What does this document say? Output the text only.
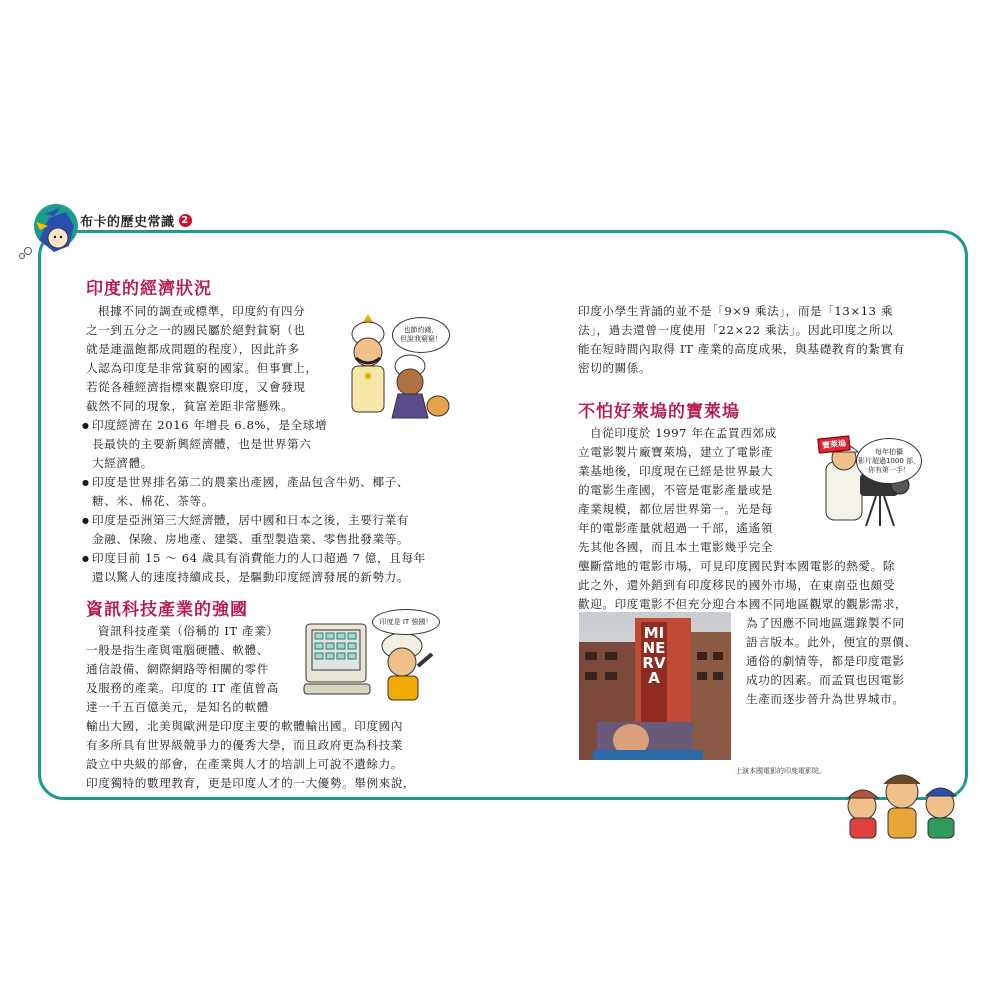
布卡的歷史常識 2
印度的經濟狀況

根據不同的調查或標準，印度約有四分
之一到五分之一的國民屬於絕對貧窮（也
就是連溫飽都成問題的程度），因此許多
人認為印度是非常貧窮的國家。但事實上，
若從各種經濟指標來觀察印度，又會發現
截然不同的現象，貧富差距非常懸殊。

● 印度經濟在 2016 年增長 6.8%，是全球增
長最快的主要新興經濟體，也是世界第六
大經濟體。
● 印度是世界排名第二的農業出產國，產品包含牛奶、椰子、
糖、米、棉花、茶等。
● 印度是亞洲第三大經濟體，居中國和日本之後，主要行業有
金融、保險、房地產、建築、重型製造業、零售批發業等。
● 印度目前 15 ～ 64 歲具有消費能力的人口超過 7 億，且每年
還以驚人的速度持續成長，是驅動印度經濟發展的新勢力。
也節約錢，
但說我窮窮！
資訊科技產業的強國

資訊科技產業（俗稱的 IT 產業）
一般是指生產與電腦硬體、軟體、
通信設備、網際網路等相關的零件
及服務的產業。印度的 IT 產值曾高
達一千五百億美元，是知名的軟體
輸出大國，北美與歐洲是印度主要的軟體輸出國。印度國內
有多所具有世界級競爭力的優秀大學，而且政府更為科技業
設立中央級的部會，在產業與人才的培訓上可說不遺餘力。
印度獨特的數理教育，更是印度人才的一大優勢。舉例來說，

印度是 IT 強國！

印度小學生背誦的並不是「9×9 乘法」，而是「13×13 乘
法」，過去還曾一度使用「22×22 乘法」。因此印度之所以
能在短時間內取得 IT 產業的高度成果，與基礎教育的紮實有
密切的關係。

不怕好萊塢的寶萊塢

自從印度於 1997 年在孟買西郊成
立電影製片廠寶萊塢，建立了電影產
業基地後，印度現在已經是世界最大
的電影生產國，不管是電影產量或是
產業規模，都位居世界第一。光是每
年的電影產量就超過一千部，遙遙領
先其他各國，而且本土電影幾乎完全

壟斷當地的電影市場，可見印度國民對本國電影的熱愛。除
此之外，還外銷到有印度移民的國外市場，在東南亞也頗受
歡迎。印度電影不但充分迎合本國不同地區觀眾的觀影需求，

為了因應不同地區選錄製不同
語言版本。此外，便宜的票價、
通俗的劇情等，都是印度電影
成功的因素。而孟買也因電影
生產而逐步晉升為世界城市。

寶萊塢
每年拍攝
影片超過1000 部，
你有第一手！
MINERVA
上演本國電影的印度電影院。
